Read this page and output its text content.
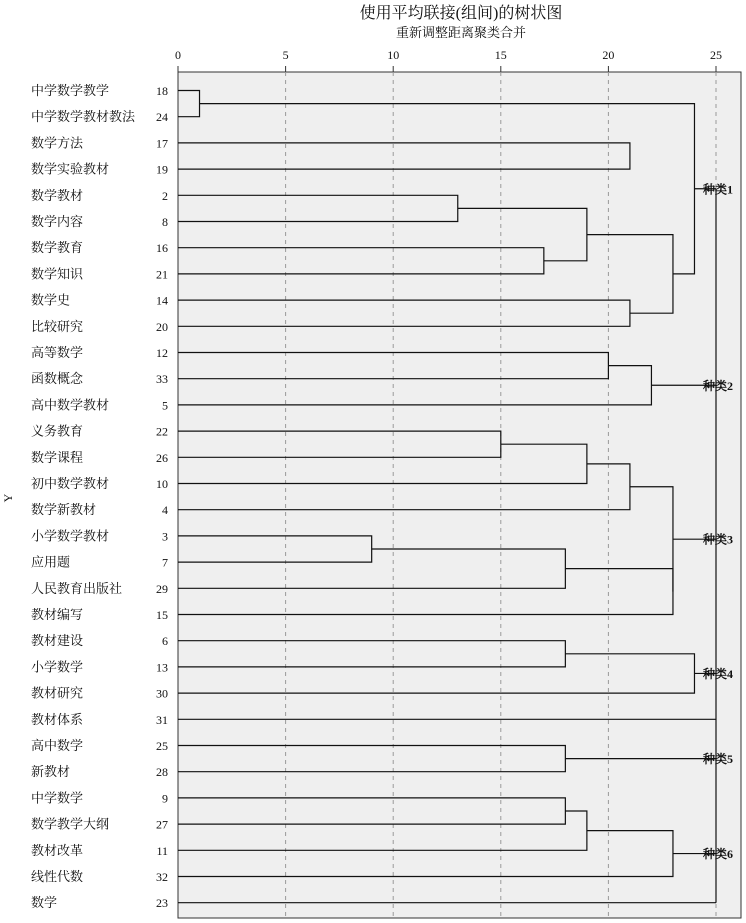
使用平均联接(组间)的树状图
重新调整距离聚类合并
Y
0	5	10	15	20	25
中学数学教学	18
中学数学教材教法 24
数学方法	17
数学实验教材	19
数学教材	2
数学内容	8
数学教育	16
数学知识	21
数学史	14
比较研究	20
高等数学	12
函数概念	33
高中数学教材	5
义务教育	22
数学课程	26
初中数学教材	10
数学新教材	4
小学数学教材	3
应用题	7
人民教育出版社	29
教材编写	15
教材建设	6
小学数学	13
教材研究	30
教材体系	31
高中数学	25
新教材	28
中学数学	9
数学教学大纲	27
教材改革	11
线性代数	32
数学	23
种类1
种类2
种类3
种类4
种类5
种类6
